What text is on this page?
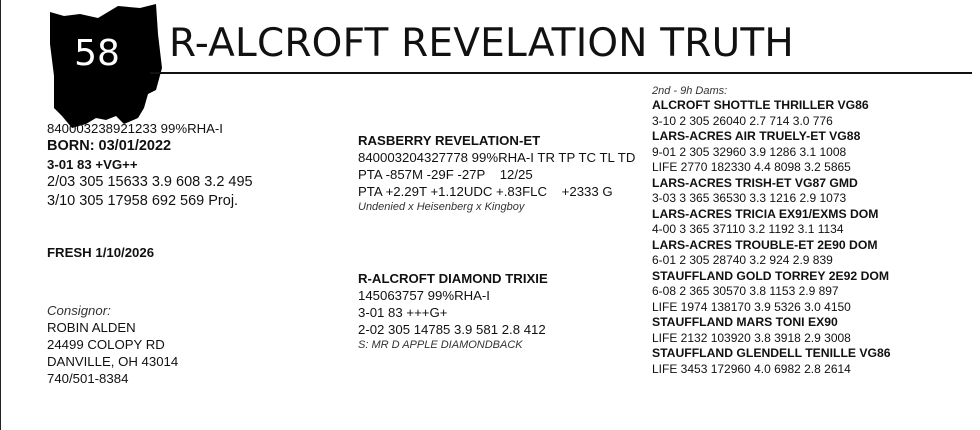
58 R-ALCROFT REVELATION TRUTH
840003238921233 99%RHA-I
BORN: 03/01/2022
3-01 83 +VG++
2/03 305 15633 3.9 608 3.2 495
3/10 305 17958 692 569 Proj.
FRESH 1/10/2026
Consignor:
ROBIN ALDEN
24499 COLOPY RD
DANVILLE, OH 43014
740/501-8384
RASBERRY REVELATION-ET
840003204327778 99%RHA-I TR TP TC TL TD
PTA -857M -29F -27P    12/25
PTA +2.29T +1.12UDC +.83FLC    +2333 G
Undenied x Heisenberg x Kingboy
R-ALCROFT DIAMOND TRIXIE
145063757 99%RHA-I
3-01 83 +++G+
2-02 305 14785 3.9 581 2.8 412
S: MR D APPLE DIAMONDBACK
2nd - 9h Dams:
ALCROFT SHOTTLE THRILLER VG86
3-10 2 305 26040 2.7 714 3.0 776
LARS-ACRES AIR TRUELY-ET VG88
9-01 2 305 32960 3.9 1286 3.1 1008
LIFE 2770 182330 4.4 8098 3.2 5865
LARS-ACRES TRISH-ET VG87 GMD
3-03 3 365 36530 3.3 1216 2.9 1073
LARS-ACRES TRICIA EX91/EXMS DOM
4-00 3 365 37110 3.2 1192 3.1 1134
LARS-ACRES TROUBLE-ET 2E90 DOM
6-01 2 305 28740 3.2 924 2.9 839
STAUFFLAND GOLD TORREY 2E92 DOM
6-08 2 365 30570 3.8 1153 2.9 897
LIFE 1974 138170 3.9 5326 3.0 4150
STAUFFLAND MARS TONI EX90
LIFE 2132 103920 3.8 3918 2.9 3008
STAUFFLAND GLENDELL TENILLE VG86
LIFE 3453 172960 4.0 6982 2.8 2614
